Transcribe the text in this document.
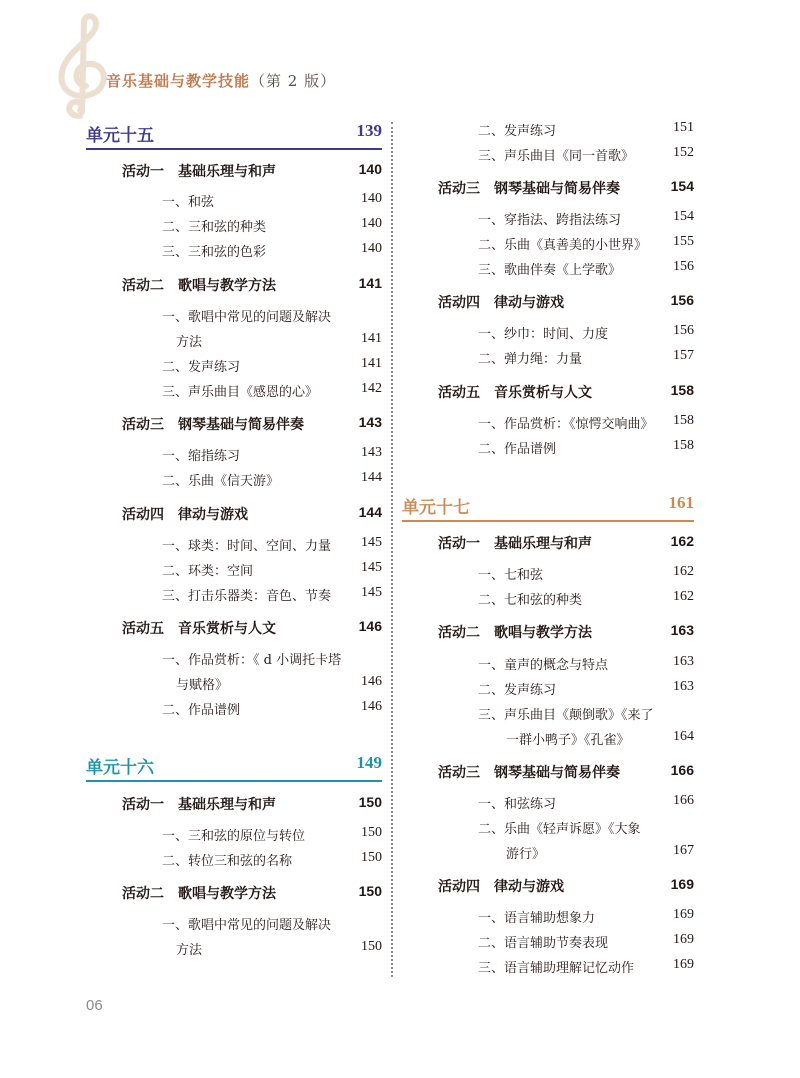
音乐基础与教学技能（第 2 版）
单元十五	139
活动一　基础乐理与和声	140
一、和弦	140
二、三和弦的种类	140
三、三和弦的色彩	140
活动二　歌唱与教学方法	141
一、歌唱中常见的问题及解决
方法	141
二、发声练习	141
三、声乐曲目《感恩的心》	142
活动三　钢琴基础与简易伴奏	143
一、缩指练习	143
二、乐曲《信天游》	144
活动四　律动与游戏	144
一、球类：时间、空间、力量 145
二、环类：空间	145
三、打击乐器类：音色、节奏 145
活动五　音乐赏析与人文	146
一、作品赏析：《 d 小调托卡塔
与赋格》	146
二、作品谱例	146
单元十六	149
活动一　基础乐理与和声	150
一、三和弦的原位与转位	150
二、转位三和弦的名称	150
活动二　歌唱与教学方法	150
一、歌唱中常见的问题及解决
方法	150
二、发声练习	151
三、声乐曲目《同一首歌》	152
活动三　钢琴基础与简易伴奏	154
一、穿指法、跨指法练习	154
二、乐曲《真善美的小世界》 155
三、歌曲伴奏《上学歌》	156
活动四　律动与游戏	156
一、纱巾：时间、力度	156
二、弹力绳：力量	157
活动五　音乐赏析与人文	158
一、作品赏析：《惊愕交响曲》 158
二、作品谱例	158
单元十七	161
活动一　基础乐理与和声	162
一、七和弦	162
二、七和弦的种类	162
活动二　歌唱与教学方法	163
一、童声的概念与特点	163
二、发声练习	163
三、声乐曲目《颠倒歌》《来了
一群小鸭子》《孔雀》	164
活动三　钢琴基础与简易伴奏	166
一、和弦练习	166
二、乐曲《轻声诉愿》《大象
游行》	167
活动四　律动与游戏	169
一、语言辅助想象力	169
二、语言辅助节奏表现	169
三、语言辅助理解记忆动作	169
06
